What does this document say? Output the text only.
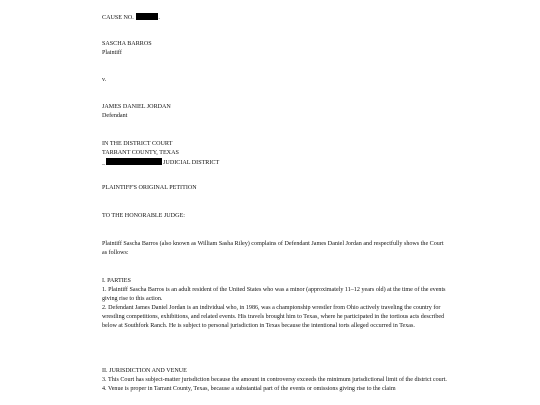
CAUSE NO.	.
SASCHA BARROS
Plaintiff
v.
JAMES DANIEL JORDAN
Defendant
IN THE DISTRICT COURT
TARRANT COUNTY, TEXAS
_	JUDICIAL DISTRICT
PLAINTIFF'S ORIGINAL PETITION
TO THE HONORABLE JUDGE:
Plaintiff Sascha Barros (also known as William Sasha Riley) complains of Defendant James Daniel Jordan and respectfully shows the Court as follows:
I. PARTIES
1. Plaintiff Sascha Barros is an adult resident of the United States who was a minor (approximately 11–12 years old) at the time of the events giving rise to this action.
2. Defendant James Daniel Jordan is an individual who, in 1986, was a championship wrestler from Ohio actively traveling the country for wrestling competitions, exhibitions, and related events. His travels brought him to Texas, where he participated in the tortious acts described below at Southfork Ranch. He is subject to personal jurisdiction in Texas because the intentional torts alleged occurred in Texas.
II. JURISDICTION AND VENUE
3. This Court has subject-matter jurisdiction because the amount in controversy exceeds the minimum jurisdictional limit of the district court.
4. Venue is proper in Tarrant County, Texas, because a substantial part of the events or omissions giving rise to the claim
